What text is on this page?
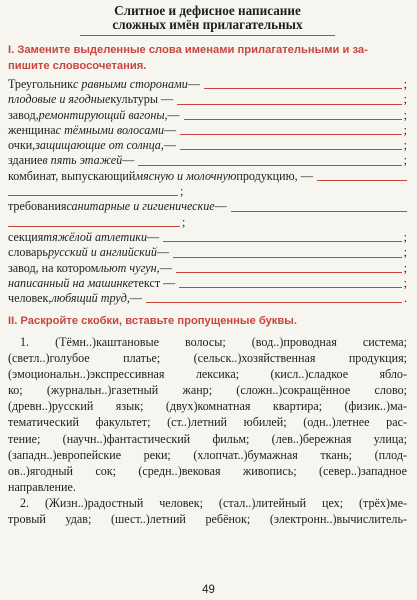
Слитное и дефисное написание

сложных имён прилагательных

I. Замените выделенные слова именами прилагательными и за-
пишите словосочетания.
Треугольник с равными сторонами —	;
плодовые и ягодные культуры —	;
завод, ремонтирующий вагоны, —	;
женщина с тёмными волосами —	;
очки, защищающие от солнца, —	;
здание в пять этажей —	;
комбинат, выпускающий мясную и молочную продукцию, —
;
требования санитарные и гигиенические —
;
секция тяжёлой атлетики —	;
словарь русский и английский —	;
завод, на котором льют чугун, —	;
написанный на машинке текст —	;
человек, любящий труд, —	.
II. Раскройте скобки, вставьте пропущенные буквы.

1. (Тёмн..)каштановые волосы; (вод..)проводная система;

(светл..)голубое платье; (сельск..)хозяйственная продукция;

(эмоциональн..)экспрессивная лексика; (кисл..)сладкое ябло-

ко; (журнальн..)газетный жанр; (сложн..)сокращённое слово;

(древн..)русский язык; (двух)комнатная квартира; (физик..)ма-

тематический факультет; (ст..)летний юбилей; (одн..)летнее рас-

тение; (научн..)фантастический фильм; (лев..)бережная улица;

(западн..)европейские реки; (хлопчат..)бумажная ткань; (плод-

ов..)ягодный сок; (средн..)вековая живопись; (север..)западное

направление.

2. (Жизн..)радостный человек; (стал..)литейный цех; (трёх)ме-

тровый удав; (шест..)летний ребёнок; (электронн..)вычислитель-

49
